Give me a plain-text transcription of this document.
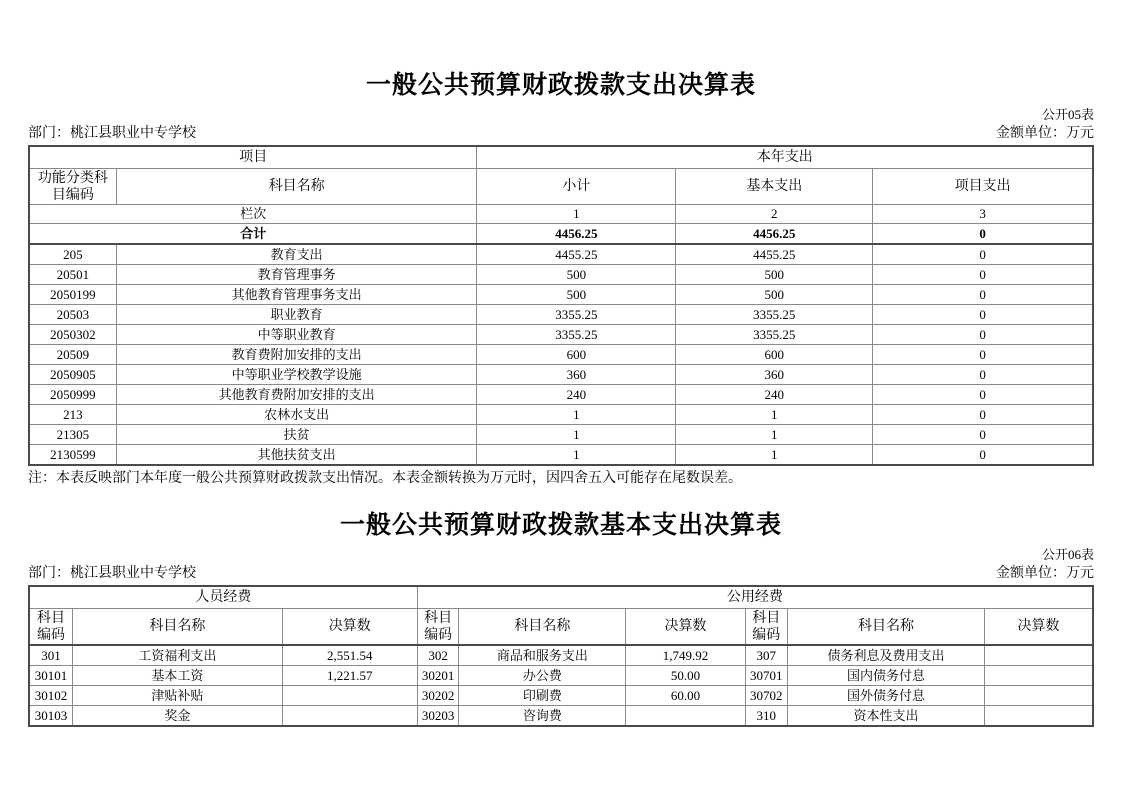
一般公共预算财政拨款支出决算表
公开05表
部门：桃江县职业中专学校	金额单位：万元
项目		本年支出		
功能分类科目编码	科目名称	小计	基本支出	项目支出
栏次		1	2	3
合计		4456.25	4456.25	0
205	教育支出	4455.25	4455.25	0
20501	教育管理事务	500	500	0
2050199	其他教育管理事务支出	500	500	0
20503	职业教育	3355.25	3355.25	0
2050302	中等职业教育	3355.25	3355.25	0
20509	教育费附加安排的支出	600	600	0
2050905	中等职业学校教学设施	360	360	0
2050999	其他教育费附加安排的支出	240	240	0
213	农林水支出	1	1	0
21305	扶贫	1	1	0
2130599	其他扶贫支出	1	1	0
注：本表反映部门本年度一般公共预算财政拨款支出情况。本表金额转换为万元时，因四舍五入可能存在尾数误差。
一般公共预算财政拨款基本支出决算表
公开06表
部门：桃江县职业中专学校	金额单位：万元
人员经费			公用经费					
科目编码	科目名称	决算数	科目编码	科目名称	决算数	科目编码	科目名称	决算数
301	工资福利支出	2,551.54	302	商品和服务支出	1,749.92	307	债务利息及费用支出	
30101	基本工资	1,221.57	30201	办公费	50.00	30701	国内债务付息	
30102	津贴补贴		30202	印刷费	60.00	30702	国外债务付息	
30103	奖金		30203	咨询费		310	资本性支出	
